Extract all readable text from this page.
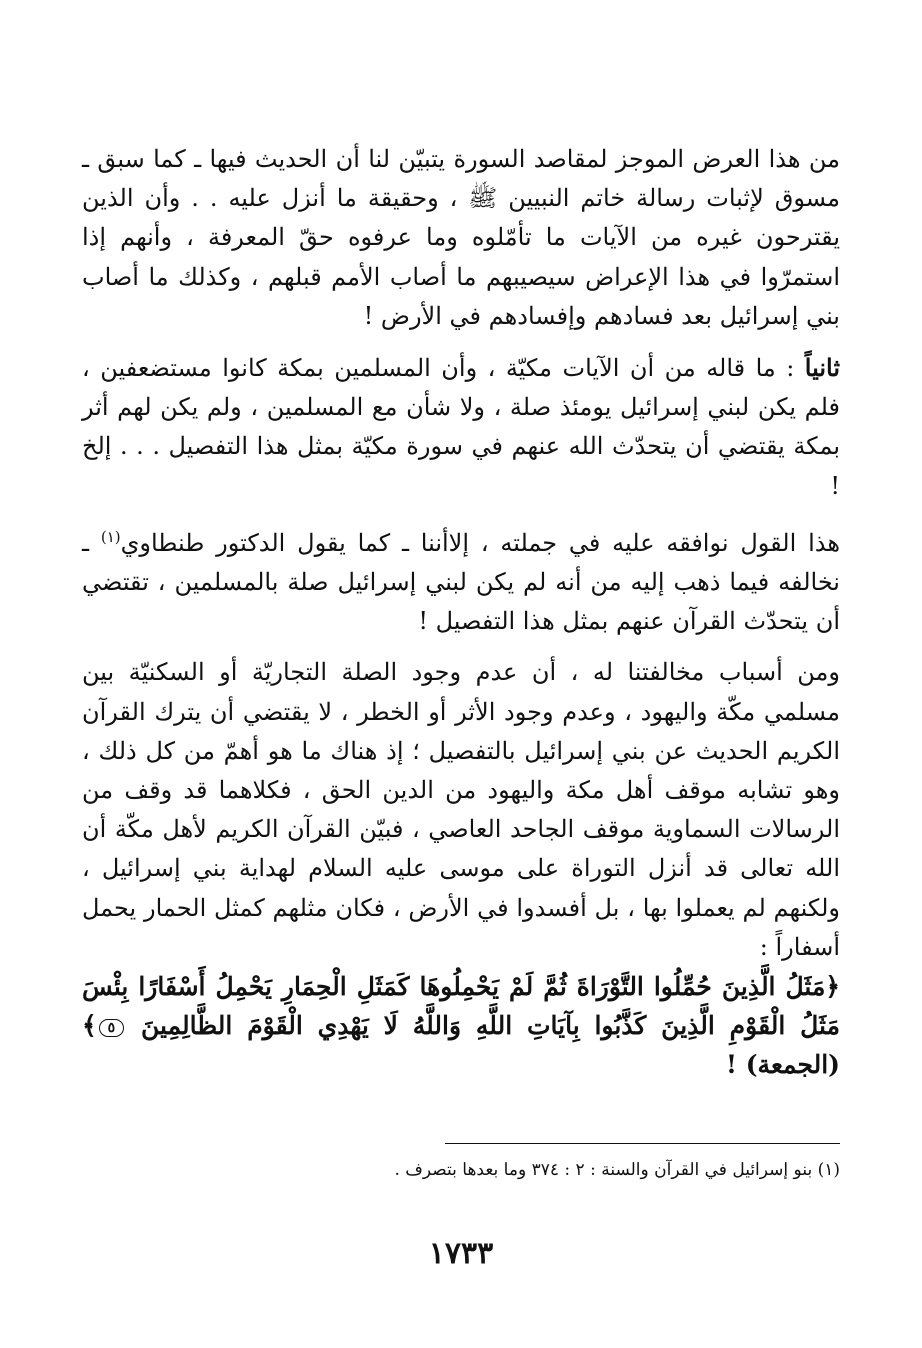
من هذا العرض الموجز لمقاصد السورة يتبيّن لنا أن الحديث فيها ـ كما سبق ـ مسوق لإثبات رسالة خاتم النبيين ﷺ ، وحقيقة ما أنزل عليه . . وأن الذين يقترحون غيره من الآيات ما تأمّلوه وما عرفوه حقّ المعرفة ، وأنهم إذا استمرّوا في هذا الإعراض سيصيبهم ما أصاب الأمم قبلهم ، وكذلك ما أصاب بني إسرائيل بعد فسادهم وإفسادهم في الأرض !

ثانياً : ما قاله من أن الآيات مكيّة ، وأن المسلمين بمكة كانوا مستضعفين ، فلم يكن لبني إسرائيل يومئذ صلة ، ولا شأن مع المسلمين ، ولم يكن لهم أثر بمكة يقتضي أن يتحدّث الله عنهم في سورة مكيّة بمثل هذا التفصيل . . . إلخ !

هذا القول نوافقه عليه في جملته ، إلاأننا ـ كما يقول الدكتور طنطاوي$^{(١)}$ ـ نخالفه فيما ذهب إليه من أنه لم يكن لبني إسرائيل صلة بالمسلمين ، تقتضي أن يتحدّث القرآن عنهم بمثل هذا التفصيل !

ومن أسباب مخالفتنا له ، أن عدم وجود الصلة التجاريّة أو السكنيّة بين مسلمي مكّة واليهود ، وعدم وجود الأثر أو الخطر ، لا يقتضي أن يترك القرآن الكريم الحديث عن بني إسرائيل بالتفصيل ؛ إذ هناك ما هو أهمّ من كل ذلك ، وهو تشابه موقف أهل مكة واليهود من الدين الحق ، فكلاهما قد وقف من الرسالات السماوية موقف الجاحد العاصي ، فبيّن القرآن الكريم لأهل مكّة أن الله تعالى قد أنزل التوراة على موسى عليه السلام لهداية بني إسرائيل ، ولكنهم لم يعملوا بها ، بل أفسدوا في الأرض ، فكان مثلهم كمثل الحمار يحمل أسفاراً :

﴿مَثَلُ الَّذِينَ حُمِّلُوا التَّوْرَاةَ ثُمَّ لَمْ يَحْمِلُوهَا كَمَثَلِ الْحِمَارِ يَحْمِلُ أَسْفَارًا بِئْسَ مَثَلُ الْقَوْمِ الَّذِينَ كَذَّبُوا بِآيَاتِ اللَّهِ وَاللَّهُ لَا يَهْدِي الْقَوْمَ الظَّالِمِينَ ٥﴾ (الجمعة) !

(١) بنو إسرائيل في القرآن والسنة : ٢ : ٣٧٤ وما بعدها بتصرف .
١٧٣٣
